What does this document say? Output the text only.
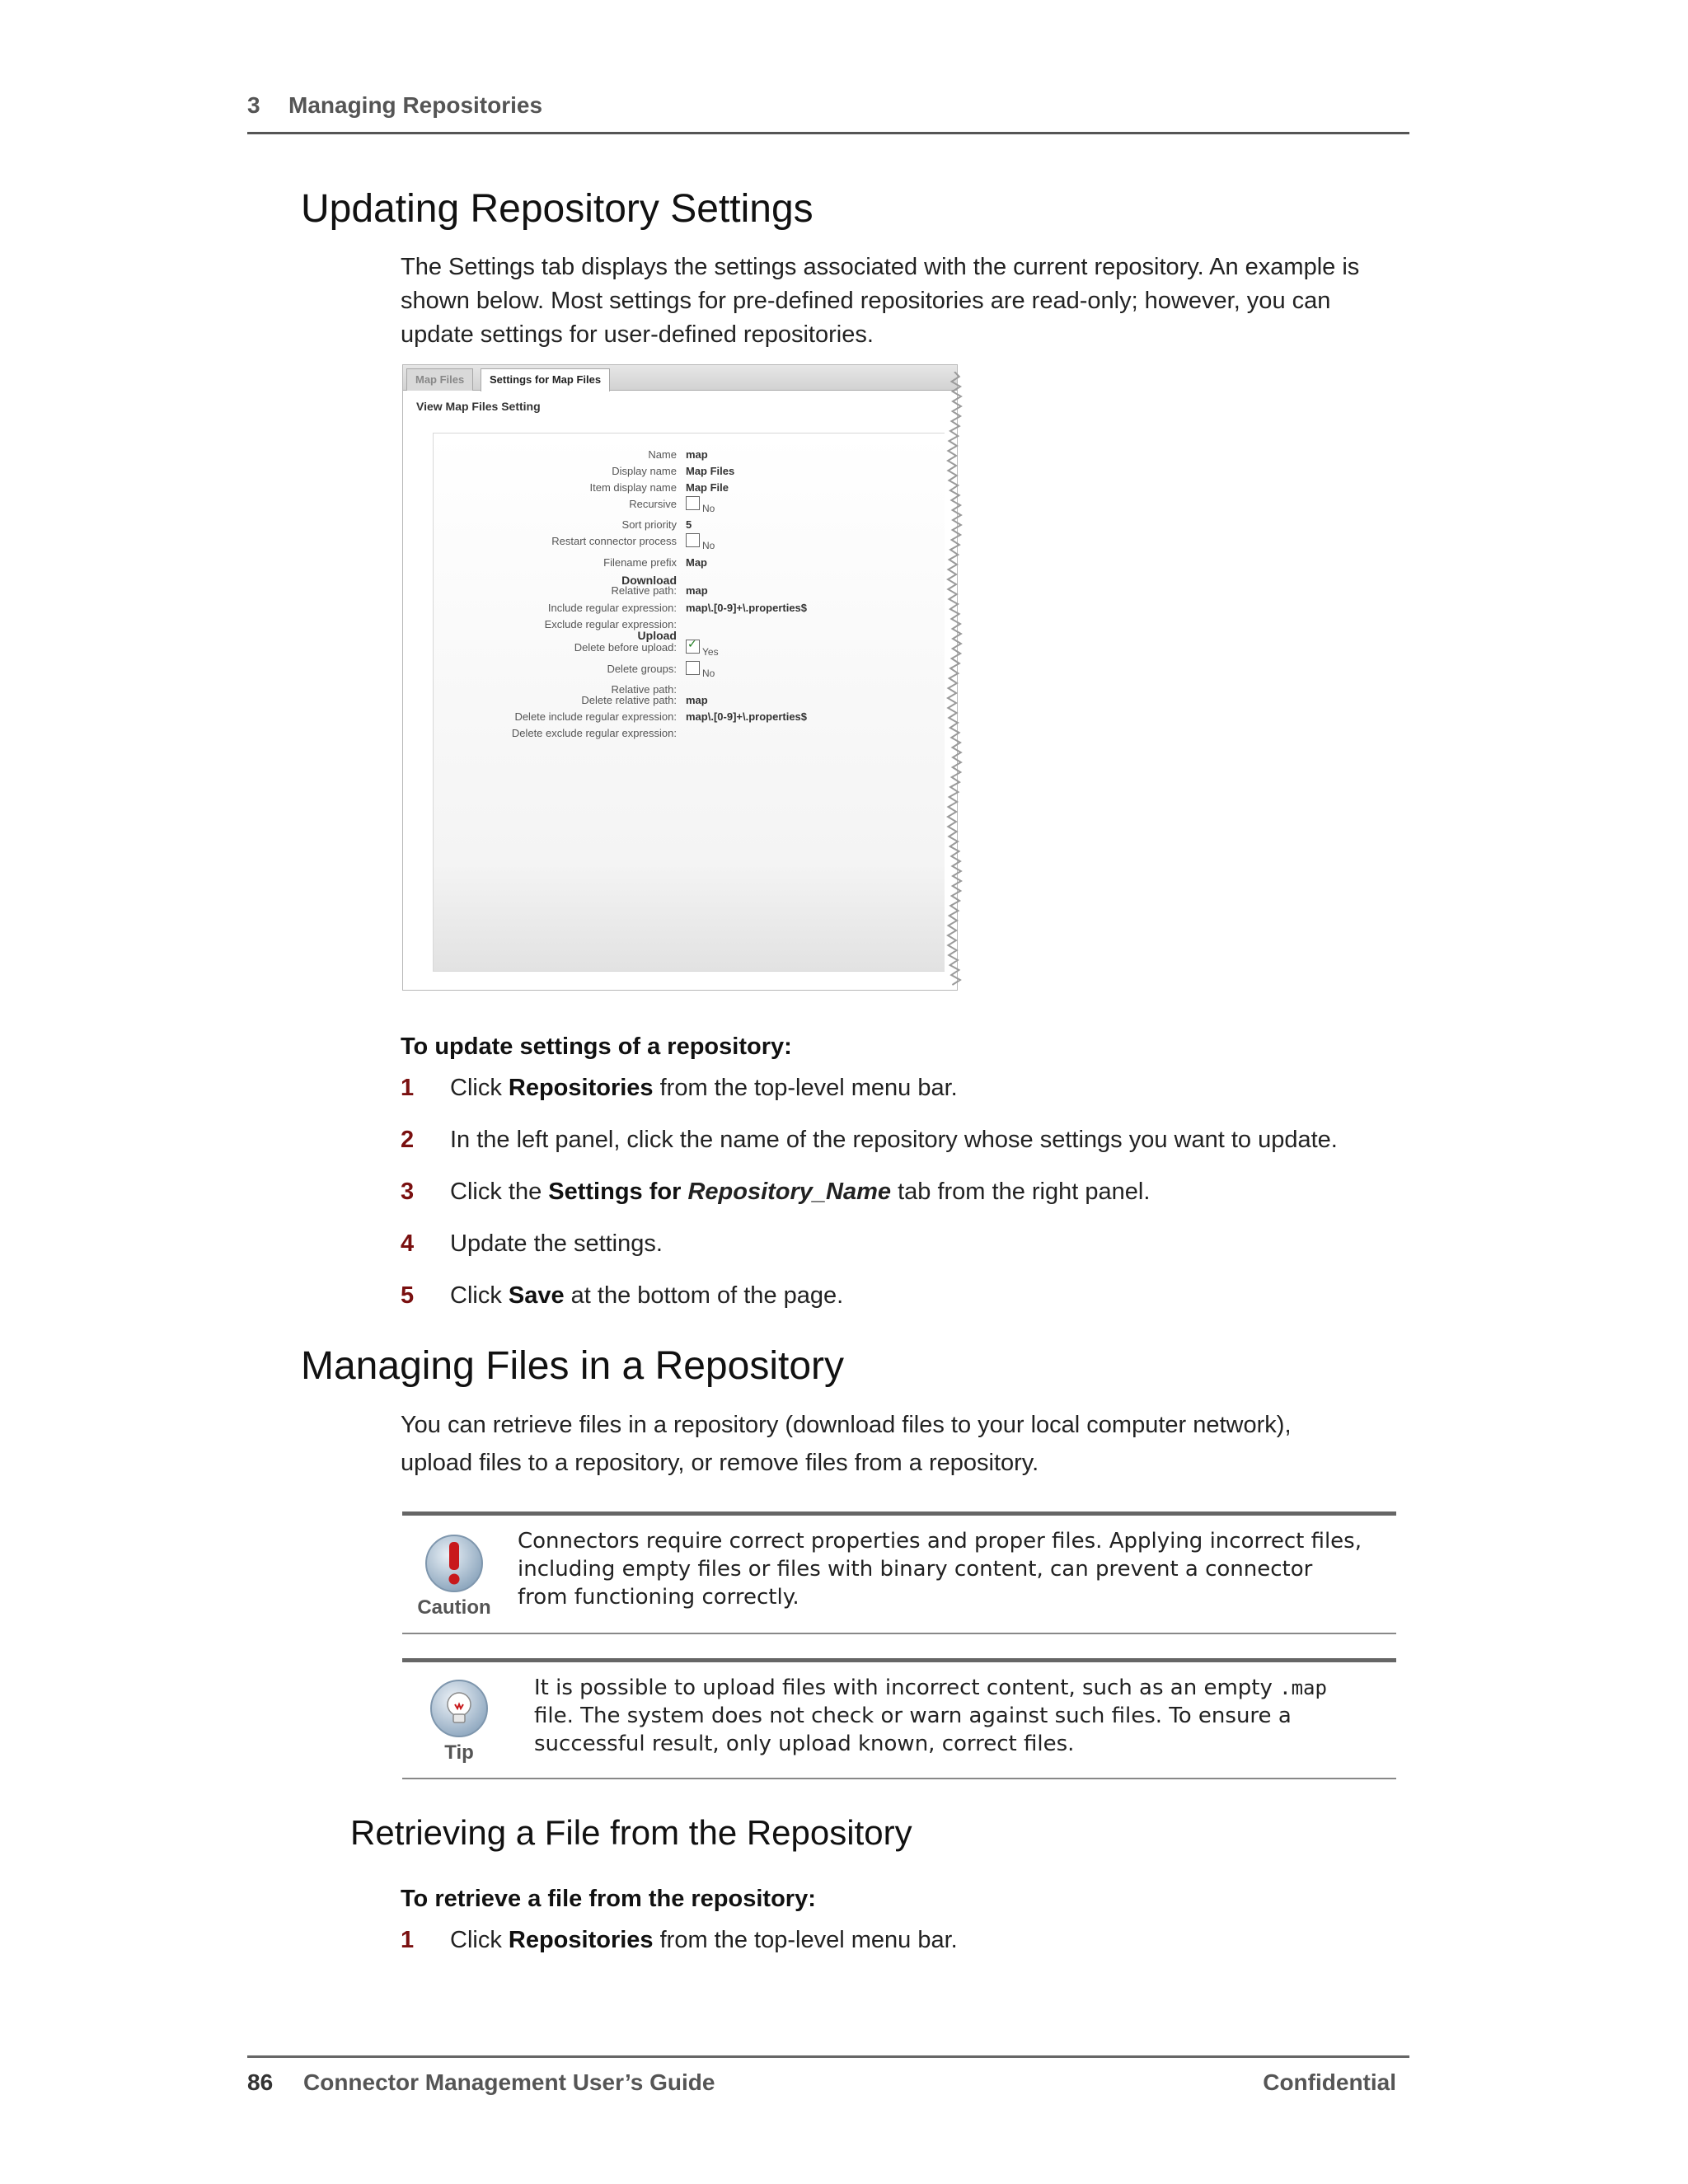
3 Managing Repositories
Updating Repository Settings

The Settings tab displays the settings associated with the current repository. An example is
shown below. Most settings for pre-defined repositories are read-only; however, you can
update settings for user-defined repositories.

Map Files	Settings for Map Files
View Map Files Setting
Name map
Display name Map Files
Item display name Map File
Recursive	No
Sort priority 5
Restart connector process	No
Filename prefix Map
Download
Relative path: map
Include regular expression: map\.[0-9]+\.properties$
Exclude regular expression:
Upload
Delete before upload:
✓	Yes
Delete groups:	No
Relative path:
Delete relative path: map
Delete include regular expression: map\.[0-9]+\.properties$
Delete exclude regular expression:

To update settings of a repository:

1 Click Repositories from the top-level menu bar.
2 In the left panel, click the name of the repository whose settings you want to update.
3 Click the Settings for Repository_Name tab from the right panel.
4 Update the settings.
5 Click Save at the bottom of the page.
Managing Files in a Repository

You can retrieve files in a repository (download files to your local computer network),
upload files to a repository, or remove files from a repository.

Caution
Connectors require correct properties and proper files. Applying incorrect files,
including empty files or files with binary content, can prevent a connector
from functioning correctly.
Tip
It is possible to upload files with incorrect content, such as an empty .map
file. The system does not check or warn against such files. To ensure a
successful result, only upload known, correct files.
Retrieving a File from the Repository

To retrieve a file from the repository:

1 Click Repositories from the top-level menu bar.
86 Connector Management User’s Guide	Confidential
